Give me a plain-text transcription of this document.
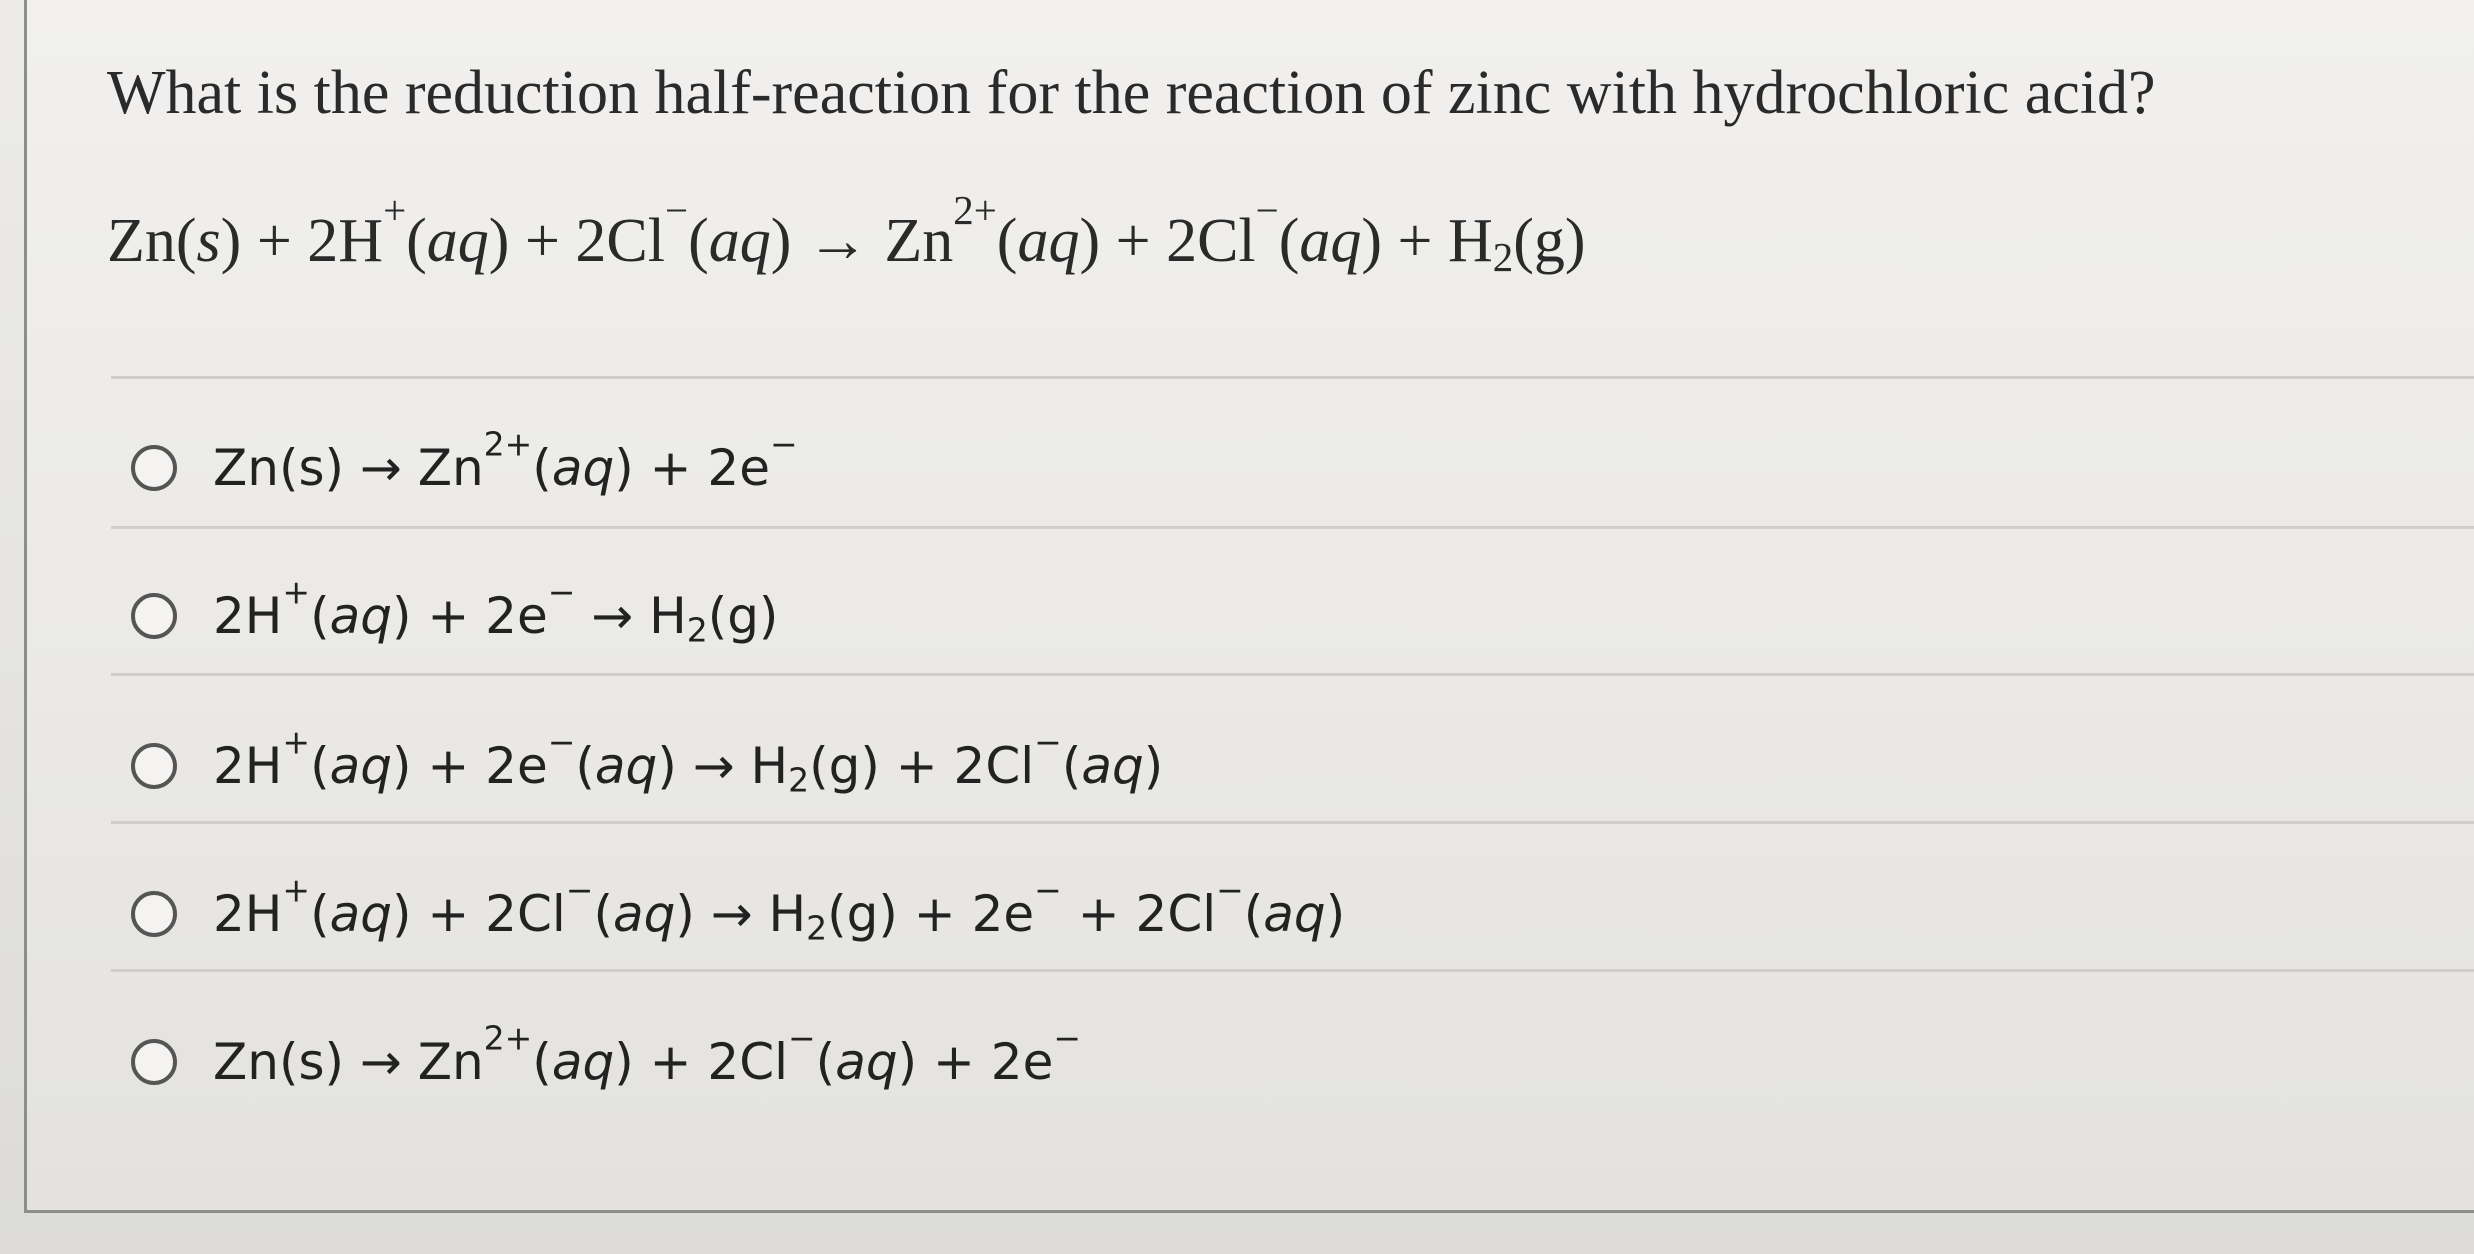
What is the reduction half-reaction for the reaction of zinc with hydrochloric acid?

$Zn(s) + 2H^+(aq) + 2Cl^-(aq) \to Zn^{2+}(aq) + 2Cl^-(aq) + H_2(g)$
$Zn(s) \to Zn^{2+}(aq) + 2e^-$
$2H^+(aq) + 2e^- \to H_2(g)$
$2H^+(aq) + 2e^-(aq) \to H_2(g) + 2Cl^-(aq)$
$2H^+(aq) + 2Cl^-(aq) \to H_2(g) + 2e^- + 2Cl^-(aq)$
$Zn(s) \to Zn^{2+}(aq) + 2Cl^-(aq) + 2e^-$
